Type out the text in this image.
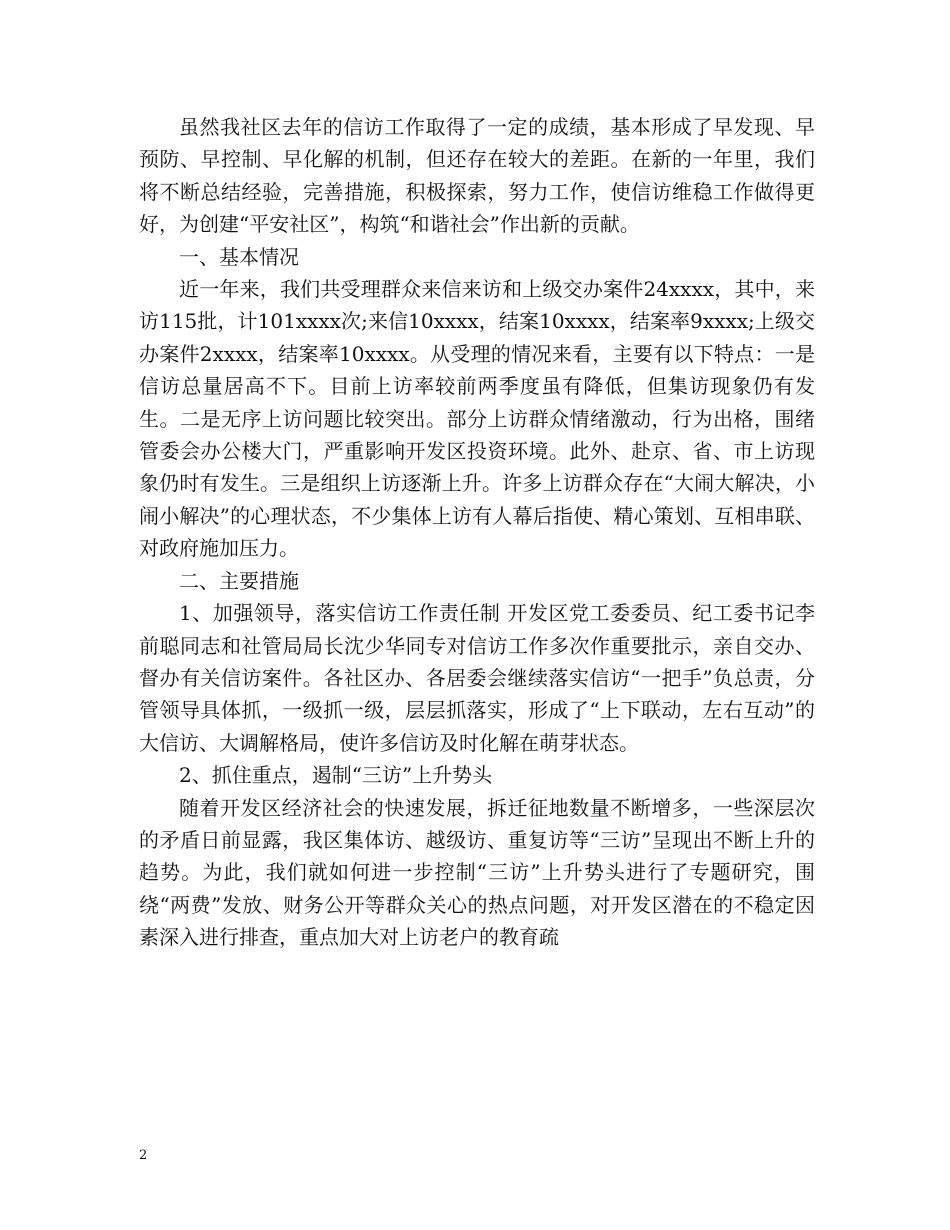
虽然我社区去年的信访工作取得了一定的成绩，基本形成了早发现、早预防、早控制、早化解的机制，但还存在较大的差距。在新的一年里，我们将不断总结经验，完善措施，积极探索，努力工作，使信访维稳工作做得更好，为创建“平安社区”，构筑“和谐社会”作出新的贡献。

一、基本情况

近一年来，我们共受理群众来信来访和上级交办案件24xxxx，其中，来访115批，计101xxxx次;来信10xxxx，结案10xxxx，结案率9xxxx;上级交办案件2xxxx，结案率10xxxx。从受理的情况来看，主要有以下特点：一是信访总量居高不下。目前上访率较前两季度虽有降低，但集访现象仍有发生。二是无序上访问题比较突出。部分上访群众情绪激动，行为出格，围绪管委会办公楼大门，严重影响开发区投资环境。此外、赴京、省、市上访现象仍时有发生。三是组织上访逐渐上升。许多上访群众存在“大闹大解决，小闹小解决”的心理状态，不少集体上访有人幕后指使、精心策划、互相串联、对政府施加压力。

二、主要措施

1、加强领导，落实信访工作责任制 开发区党工委委员、纪工委书记李前聪同志和社管局局长沈少华同专对信访工作多次作重要批示，亲自交办、督办有关信访案件。各社区办、各居委会继续落实信访“一把手”负总责，分管领导具体抓，一级抓一级，层层抓落实，形成了“上下联动，左右互动”的大信访、大调解格局，使许多信访及时化解在萌芽状态。

2、抓住重点，遏制“三访”上升势头

随着开发区经济社会的快速发展，拆迁征地数量不断增多，一些深层次的矛盾日前显露，我区集体访、越级访、重复访等“三访”呈现出不断上升的趋势。为此，我们就如何进一步控制“三访”上升势头进行了专题研究，围绕“两费”发放、财务公开等群众关心的热点问题，对开发区潜在的不稳定因素深入进行排查，重点加大对上访老户的教育疏

2
